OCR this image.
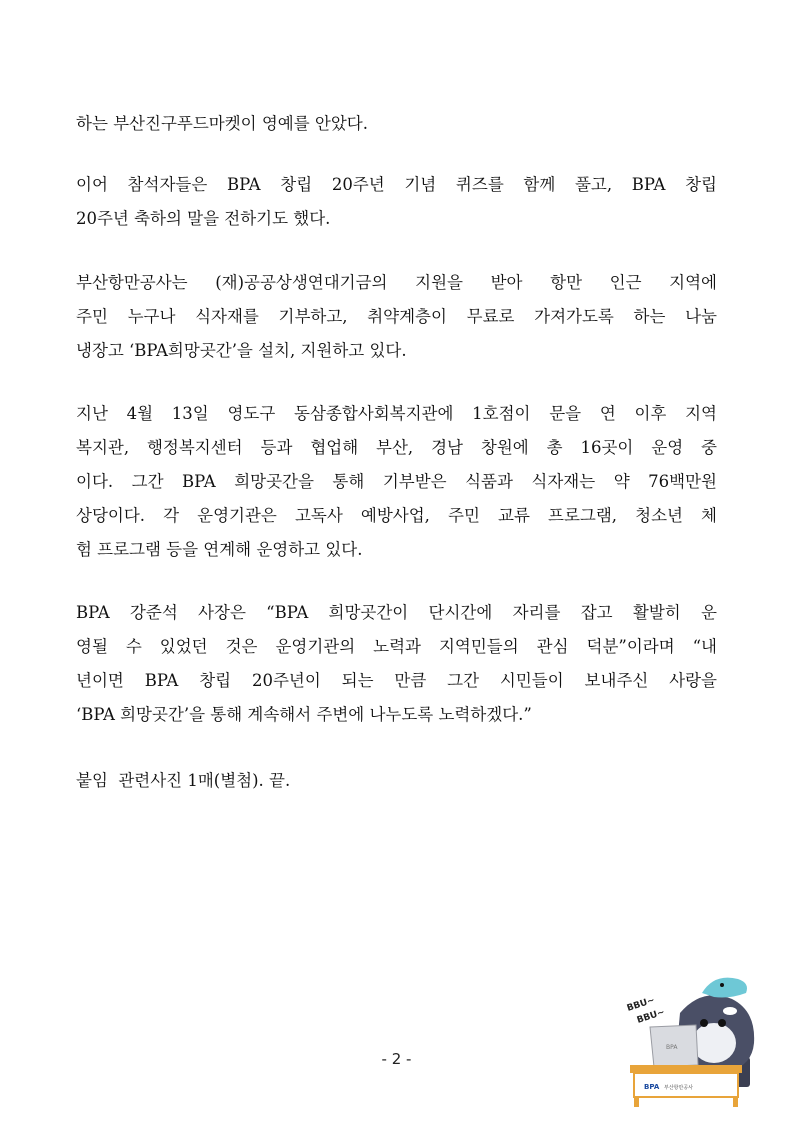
하는 부산진구푸드마켓이 영예를 안았다.
이어 참석자들은 BPA 창립 20주년 기념 퀴즈를 함께 풀고, BPA 창립
20주년 축하의 말을 전하기도 했다.
부산항만공사는 (재)공공상생연대기금의 지원을 받아 항만 인근 지역에
주민 누구나 식자재를 기부하고, 취약계층이 무료로 가져가도록 하는 나눔
냉장고 ‘BPA희망곳간’을 설치, 지원하고 있다.
지난 4월 13일 영도구 동삼종합사회복지관에 1호점이 문을 연 이후 지역
복지관, 행정복지센터 등과 협업해 부산, 경남 창원에 총 16곳이 운영 중
이다. 그간 BPA 희망곳간을 통해 기부받은 식품과 식자재는 약 76백만원
상당이다. 각 운영기관은 고독사 예방사업, 주민 교류 프로그램, 청소년 체
험 프로그램 등을 연계해 운영하고 있다.
BPA 강준석 사장은 “BPA 희망곳간이 단시간에 자리를 잡고 활발히 운
영될 수 있었던 것은 운영기관의 노력과 지역민들의 관심 덕분”이라며 “내
년이면 BPA 창립 20주년이 되는 만큼 그간 시민들이 보내주신 사랑을
‘BPA 희망곳간’을 통해 계속해서 주변에 나누도록 노력하겠다.”
붙임  관련사진 1매(별첨). 끝.
BBU~
BBU~
BPA
BPA 부산항만공사
- 2 -
